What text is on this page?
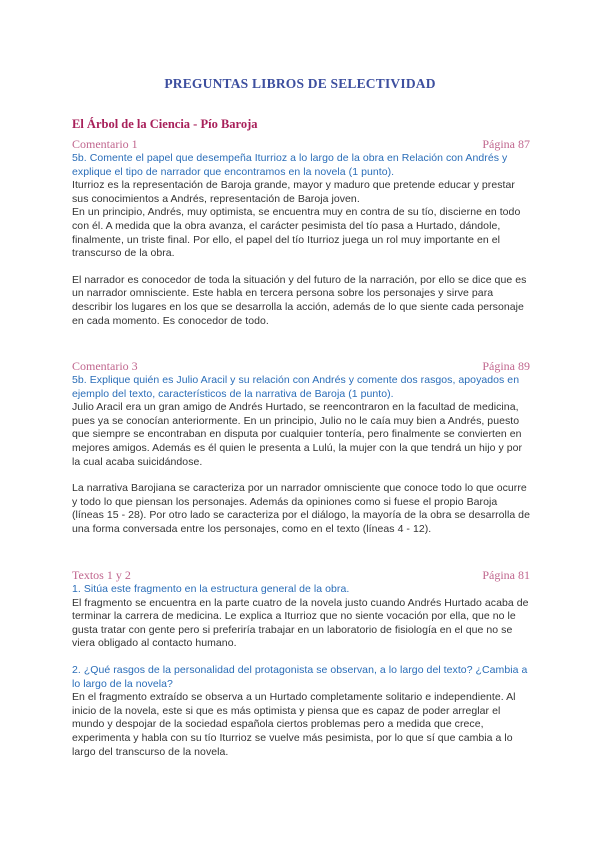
PREGUNTAS LIBROS DE SELECTIVIDAD
El Árbol de la Ciencia - Pío Baroja
Comentario 1	Página 87

5b. Comente el papel que desempeña Iturrioz a lo largo de la obra en Relación con Andrés y explique el tipo de narrador que encontramos en la novela (1 punto).

Iturrioz es la representación de Baroja grande, mayor y maduro que pretende educar y prestar sus conocimientos a Andrés, representación de Baroja joven.

En un principio, Andrés, muy optimista, se encuentra muy en contra de su tío, discierne en todo con él. A medida que la obra avanza, el carácter pesimista del tío pasa a Hurtado, dándole, finalmente, un triste final. Por ello, el papel del tío Iturrioz juega un rol muy importante en el transcurso de la obra.

El narrador es conocedor de toda la situación y del futuro de la narración, por ello se dice que es un narrador omnisciente. Este habla en tercera persona sobre los personajes y sirve para describir los lugares en los que se desarrolla la acción, además de lo que siente cada personaje en cada momento. Es conocedor de todo.

Comentario 3	Página 89

5b. Explique quién es Julio Aracil y su relación con Andrés y comente dos rasgos, apoyados en ejemplo del texto, característicos de la narrativa de Baroja (1 punto).

Julio Aracil era un gran amigo de Andrés Hurtado, se reencontraron en la facultad de medicina, pues ya se conocían anteriormente. En un principio, Julio no le caía muy bien a Andrés, puesto que siempre se encontraban en disputa por cualquier tontería, pero finalmente se convierten en mejores amigos. Además es él quien le presenta a Lulú, la mujer con la que tendrá un hijo y por la cual acaba suicidándose.

La narrativa Barojiana se caracteriza por un narrador omnisciente que conoce todo lo que ocurre y todo lo que piensan los personajes. Además da opiniones como si fuese el propio Baroja (líneas 15 - 28). Por otro lado se caracteriza por el diálogo, la mayoría de la obra se desarrolla de una forma conversada entre los personajes, como en el texto (líneas 4 - 12).

Textos 1 y 2	Página 81

1. Sitúa este fragmento en la estructura general de la obra.

El fragmento se encuentra en la parte cuatro de la novela justo cuando Andrés Hurtado acaba de terminar la carrera de medicina. Le explica a Iturrioz que no siente vocación por ella, que no le gusta tratar con gente pero si preferiría trabajar en un laboratorio de fisiología en el que no se viera obligado al contacto humano.

2. ¿Qué rasgos de la personalidad del protagonista se observan, a lo largo del texto? ¿Cambia a lo largo de la novela?

En el fragmento extraído se observa a un Hurtado completamente solitario e independiente. Al inicio de la novela, este si que es más optimista y piensa que es capaz de poder arreglar el mundo y despojar de la sociedad española ciertos problemas pero a medida que crece, experimenta y habla con su tío Iturrioz se vuelve más pesimista, por lo que sí que cambia a lo largo del transcurso de la novela.
